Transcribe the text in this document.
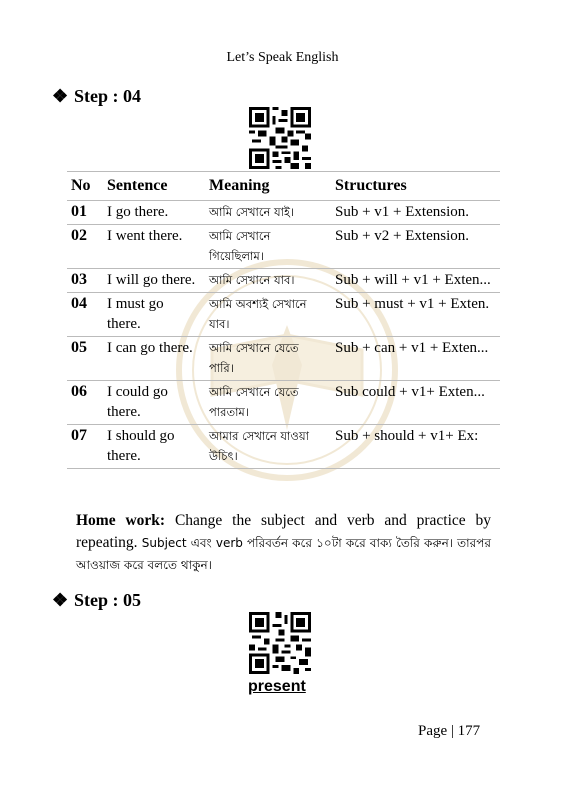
Let’s Speak English
❖ Step : 04
No	Sentence	Meaning	Structures
01	I go there.	আমি সেখানে যাই।	Sub + v1 + Extension.
02	I went there.	আমি সেখানে গিয়েছিলাম।	Sub + v2 + Extension.
03	I will go there.	আমি সেখানে যাব।	Sub + will + v1 + Exten...
04	I must go there.	আমি অবশ্যই সেখানে যাব।	Sub + must + v1 + Exten.
05	I can go there.	আমি সেখানে যেতে পারি।	Sub + can + v1 + Exten...
06	I could go there.	আমি সেখানে যেতে পারতাম।	Sub could + v1+ Exten...
07	I should go there.	আমার সেখানে যাওয়া উচিৎ।	Sub + should + v1+ Ex:
Home work: Change the subject and verb and practice by repeating. Subject এবং verb পরিবর্তন করে ১০টা করে বাক্য তৈরি করুন। তারপর আওয়াজ করে বলতে থাকুন।
❖ Step : 05
present
Page | 177
